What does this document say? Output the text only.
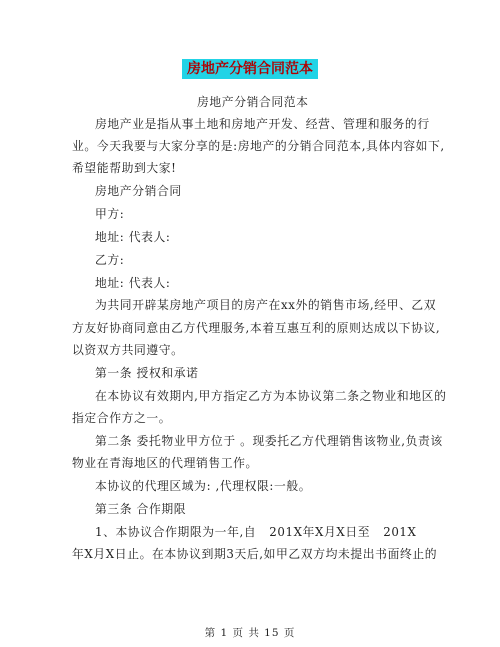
房地产分销合同范本
房地产分销合同范本
房地产业是指从事土地和房地产开发、经营、管理和服务的行
业。今天我要与大家分享的是:房地产的分销合同范本,具体内容如下,
希望能帮助到大家!
房地产分销合同
甲方:
地址: 代表人:
乙方:
地址: 代表人:
为共同开辟某房地产项目的房产在xx外的销售市场,经甲、乙双
方友好协商同意由乙方代理服务,本着互惠互利的原则达成以下协议,
以资双方共同遵守。
第一条 授权和承诺
在本协议有效期内,甲方指定乙方为本协议第二条之物业和地区的
指定合作方之一。
第二条 委托物业甲方位于 。现委托乙方代理销售该物业,负责该
物业在青海地区的代理销售工作。
本协议的代理区域为: ,代理权限:一般。
第三条 合作期限
1、本协议合作期限为一年,自   201X年X月X日至   201X
年X月X日止。在本协议到期3天后,如甲乙双方均未提出书面终止的
第 1 页 共 15 页
